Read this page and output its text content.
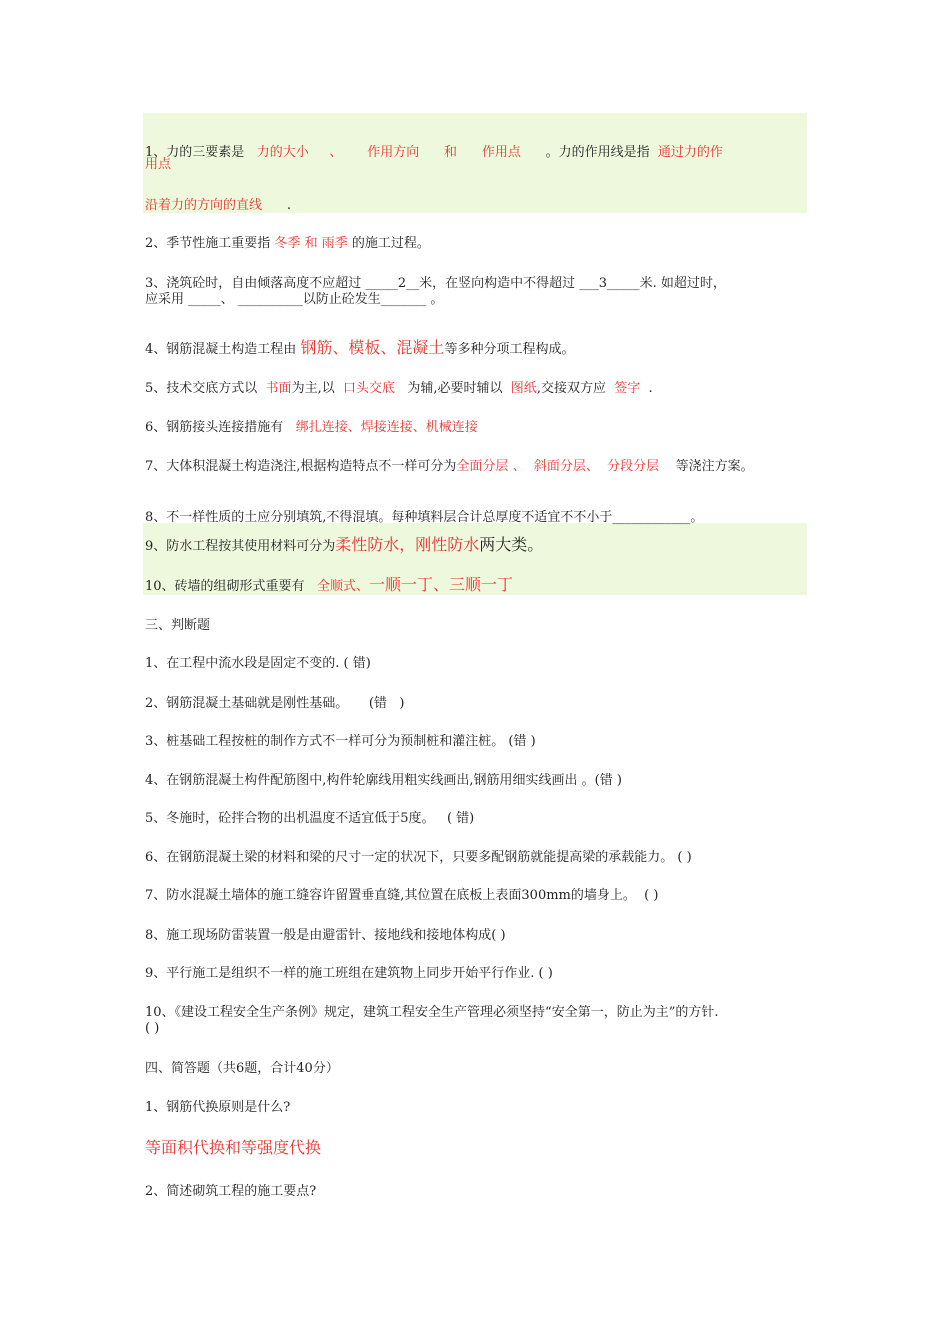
1、力的三要素是 力的大小 、 作用方向 和 作用点 。力的作用线是指 通过力的作
用点
沿着力的方向的直线 .
2、季节性施工重要指 冬季 和 雨季 的施工过程。
3、浇筑砼时，自由倾落高度不应超过 _____2__米，在竖向构造中不得超过 ___3_____米. 如超过时，
应采用 _____、 __________以防止砼发生_______ 。
4、钢筋混凝土构造工程由 钢筋、模板、混凝土等多种分项工程构成。
5、技术交底方式以 书面为主,以 口头交底 为辅,必要时辅以 图纸,交接双方应 签字 .
6、钢筋接头连接措施有 绑扎连接、焊接连接、机械连接
7、大体积混凝土构造浇注,根据构造特点不一样可分为全面分层 、 斜面分层、 分段分层 等浇注方案。
8、不一样性质的土应分别填筑,不得混填。每种填料层合计总厚度不适宜不不小于____________。
9、防水工程按其使用材料可分为柔性防水，刚性防水两大类。
10、砖墙的组砌形式重要有 全顺式、一顺一丁、三顺一丁
三、判断题
1、在工程中流水段是固定不变的. ( 错)
2、钢筋混凝土基础就是刚性基础。     (错   )
3、桩基础工程按桩的制作方式不一样可分为预制桩和灌注桩。 (错 )
4、在钢筋混凝土构件配筋图中,构件轮廓线用粗实线画出,钢筋用细实线画出 。(错 )
5、冬施时，砼拌合物的出机温度不适宜低于5度。   ( 错)
6、在钢筋混凝土梁的材料和梁的尺寸一定的状况下，只要多配钢筋就能提高梁的承载能力。 ( )
7、防水混凝土墙体的施工缝容许留置垂直缝,其位置在底板上表面300mm的墙身上。  ( )
8、施工现场防雷装置一般是由避雷针、接地线和接地体构成( )
9、平行施工是组织不一样的施工班组在建筑物上同步开始平行作业. ( )
10、《建设工程安全生产条例》规定，建筑工程安全生产管理必须坚持“安全第一，防止为主”的方针.
( )
四、简答题（共6题，合计40分）
1、钢筋代换原则是什么?
等面积代换和等强度代换
2、简述砌筑工程的施工要点?
